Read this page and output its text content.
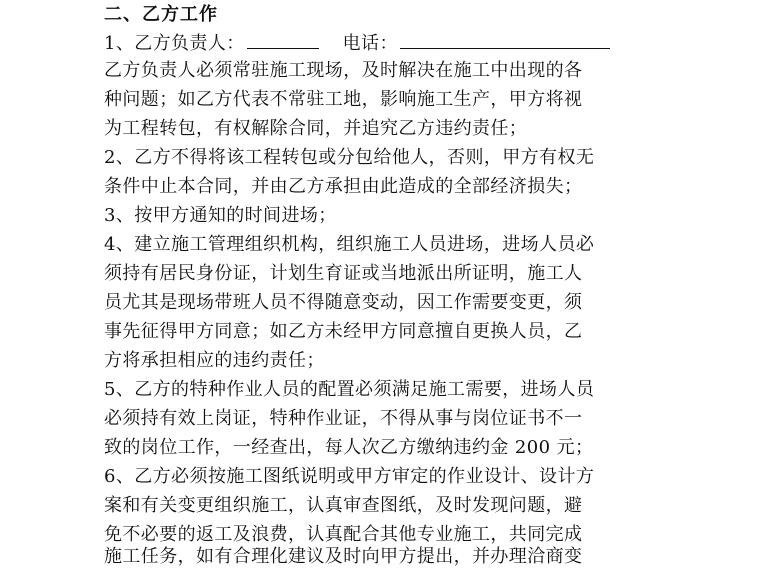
二、乙方工作
1、乙方负责人：	电话：
乙方负责人必须常驻施工现场，及时解决在施工中出现的各
种问题；如乙方代表不常驻工地，影响施工生产，甲方将视
为工程转包，有权解除合同，并追究乙方违约责任；
2、乙方不得将该工程转包或分包给他人，否则，甲方有权无
条件中止本合同，并由乙方承担由此造成的全部经济损失；
3、按甲方通知的时间进场；
4、建立施工管理组织机构，组织施工人员进场，进场人员必
须持有居民身份证，计划生育证或当地派出所证明，施工人
员尤其是现场带班人员不得随意变动，因工作需要变更，须
事先征得甲方同意；如乙方未经甲方同意擅自更换人员，乙
方将承担相应的违约责任；
5、乙方的特种作业人员的配置必须满足施工需要，进场人员
必须持有效上岗证，特种作业证，不得从事与岗位证书不一
致的岗位工作，一经查出，每人次乙方缴纳违约金 200 元；
6、乙方必须按施工图纸说明或甲方审定的作业设计、设计方
案和有关变更组织施工，认真审查图纸，及时发现问题，避
免不必要的返工及浪费，认真配合其他专业施工，共同完成
施工任务，如有合理化建议及时向甲方提出，并办理洽商变
